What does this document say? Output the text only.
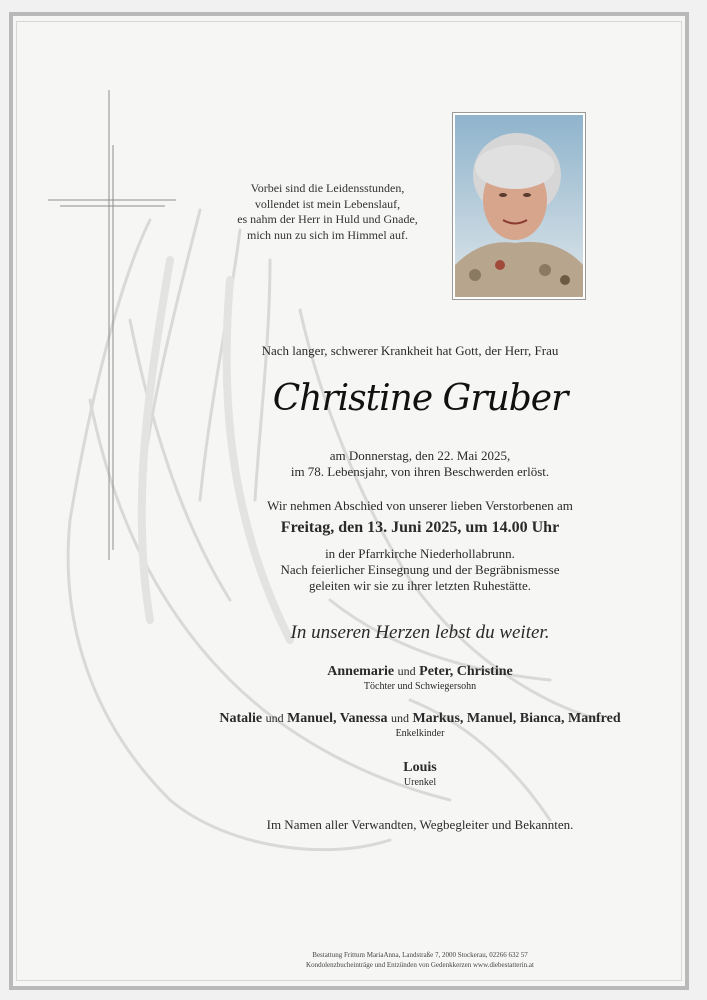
Vorbei sind die Leidensstunden,
vollendet ist mein Lebenslauf,
es nahm der Herr in Huld und Gnade,
mich nun zu sich im Himmel auf.
Nach langer, schwerer Krankheit hat Gott, der Herr, Frau
Christine Gruber
am Donnerstag, den 22. Mai 2025,
im 78. Lebensjahr, von ihren Beschwerden erlöst.
Wir nehmen Abschied von unserer lieben Verstorbenen am
Freitag, den 13. Juni 2025, um 14.00 Uhr
in der Pfarrkirche Niederhollabrunn.
Nach feierlicher Einsegnung und der Begräbnismesse
geleiten wir sie zu ihrer letzten Ruhestätte.
In unseren Herzen lebst du weiter.
Annemarie und Peter, Christine
Töchter und Schwiegersohn
Natalie und Manuel, Vanessa und Markus, Manuel, Bianca, Manfred
Enkelkinder
Louis
Urenkel
Im Namen aller Verwandten, Wegbegleiter und Bekannten.
Bestattung Frittum MariaAnna, Landstraße 7, 2000 Stockerau, 02266 632 57
Kondolenzbucheinträge und Entzünden von Gedenkkerzen www.diebestatterin.at
